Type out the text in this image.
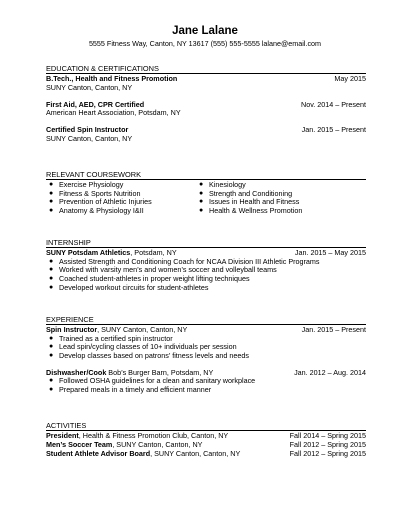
Jane Lalane
5555 Fitness Way, Canton, NY 13617 (555) 555-5555 lalane@email.com
EDUCATION & CERTIFICATIONS
B.Tech., Health and Fitness Promotion	May 2015
SUNY Canton, Canton, NY
First Aid, AED, CPR Certified	Nov. 2014 – Present
American Heart Association, Potsdam, NY
Certified Spin Instructor	Jan. 2015 – Present
SUNY Canton, Canton, NY
RELEVANT COURSEWORK
● Exercise Physiology
● Fitness & Sports Nutrition
● Prevention of Athletic Injuries
● Anatomy & Physiology I&II
● Kinesiology
● Strength and Conditioning
● Issues in Health and Fitness
● Health & Wellness Promotion
INTERNSHIP
SUNY Potsdam Athletics, Potsdam, NY	Jan. 2015 – May 2015
● Assisted Strength and Conditioning Coach for NCAA Division III Athletic Programs
● Worked with varsity men’s and women’s soccer and volleyball teams
● Coached student-athletes in proper weight lifting techniques
● Developed workout circuits for student-athletes
EXPERIENCE
Spin Instructor, SUNY Canton, Canton, NY	Jan. 2015 – Present
● Trained as a certified spin instructor
● Lead spin/cycling classes of 10+ individuals per session
● Develop classes based on patrons’ fitness levels and needs
Dishwasher/Cook Bob’s Burger Barn, Potsdam, NY	Jan. 2012 – Aug. 2014
● Followed OSHA guidelines for a clean and sanitary workplace
● Prepared meals in a timely and efficient manner
ACTIVITIES
President, Health & Fitness Promotion Club, Canton, NY	Fall 2014 – Spring 2015
Men’s Soccer Team, SUNY Canton, Canton, NY	Fall 2012 – Spring 2015
Student Athlete Advisor Board, SUNY Canton, Canton, NY	Fall 2012 – Spring 2015
